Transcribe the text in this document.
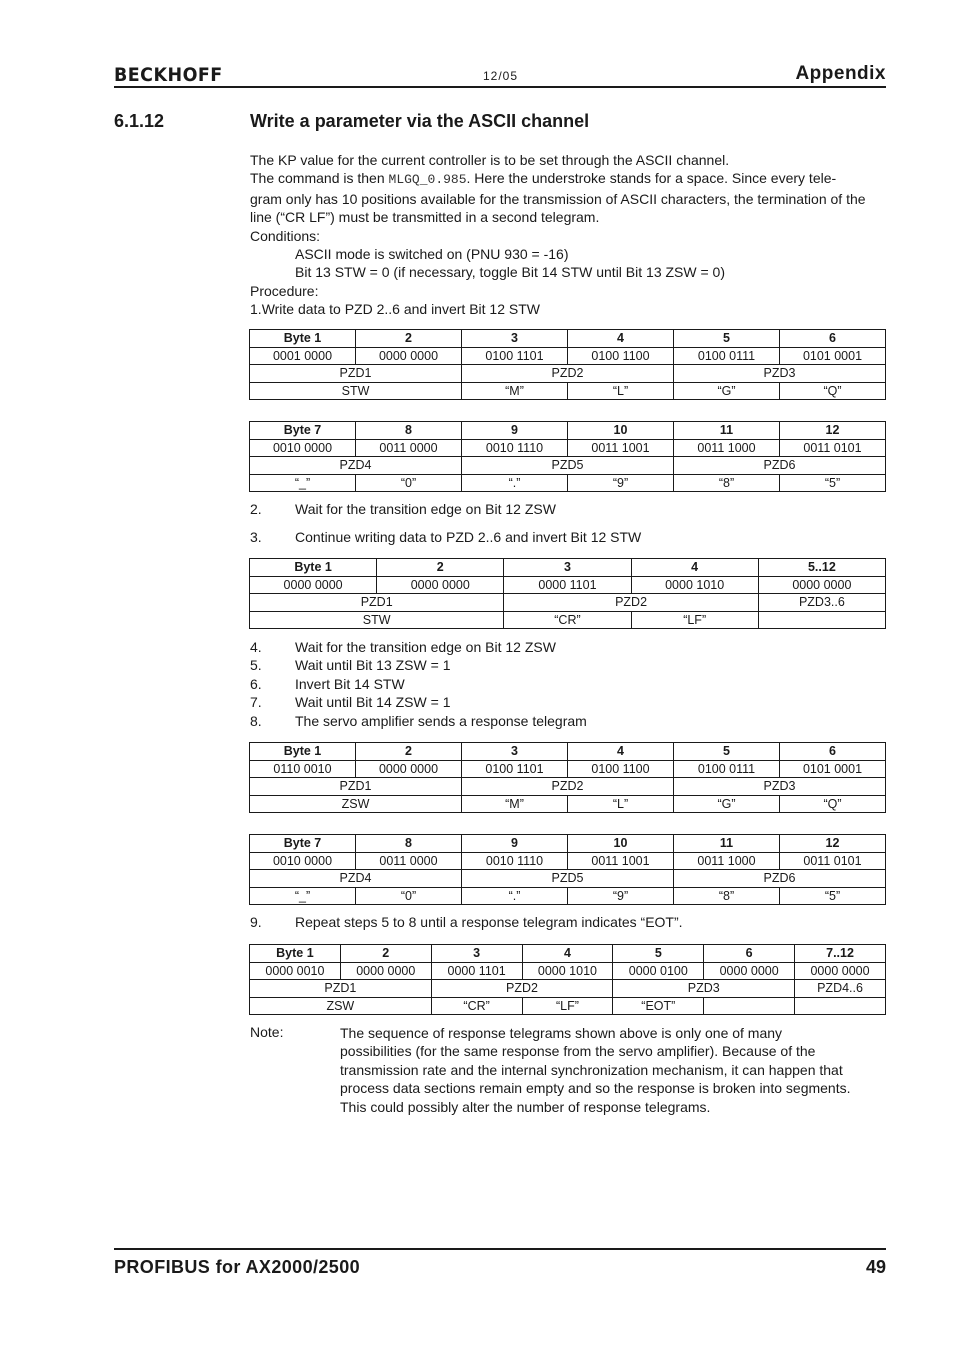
BECKHOFF	12/05	Appendix
6.1.12	Write a parameter via the ASCII channel
The KP value for the current controller is to be set through the ASCII channel.
The command is then MLGQ_0.985. Here the understroke stands for a space. Since every tele-
gram only has 10 positions available for the transmission of ASCII characters, the termination of the
line (“CR LF”) must be transmitted in a second telegram.
Conditions:
ASCII mode is switched on (PNU 930 = -16)
Bit 13 STW = 0 (if necessary, toggle Bit 14 STW until Bit 13 ZSW = 0)
Procedure:
1.Write data to PZD 2..6 and invert Bit 12 STW
Byte 1	2	3	4	5	6
0001 0000	0000 0000	0100 1101	0100 1100	0100 0111	0101 0001
PZD1		PZD2		PZD3	
STW		“M”	“L”	“G”	“Q”
Byte 7	8	9	10	11	12
0010 0000	0011 0000	0010 1110	0011 1001	0011 1000	0011 0101
PZD4		PZD5		PZD6	
“_”	“0”	“.”	“9”	“8”	“5”
2. Wait for the transition edge on Bit 12 ZSW
3. Continue writing data to PZD 2..6 and invert Bit 12 STW
Byte 1	2	3	4	5..12
0000 0000	0000 0000	0000 1101	0000 1010	0000 0000
PZD1		PZD2		PZD3..6
STW		“CR”	“LF”	
4. Wait for the transition edge on Bit 12 ZSW
5. Wait until Bit 13 ZSW = 1
6. Invert Bit 14 STW
7. Wait until Bit 14 ZSW = 1
8. The servo amplifier sends a response telegram
Byte 1	2	3	4	5	6
0110 0010	0000 0000	0100 1101	0100 1100	0100 0111	0101 0001
PZD1		PZD2		PZD3	
ZSW		“M”	“L”	“G”	“Q”
Byte 7	8	9	10	11	12
0010 0000	0011 0000	0010 1110	0011 1001	0011 1000	0011 0101
PZD4		PZD5		PZD6	
“_”	“0”	“.”	“9”	“8”	“5”
9. Repeat steps 5 to 8 until a response telegram indicates “EOT”.
Byte 1	2	3	4	5	6	7..12
0000 0010	0000 0000	0000 1101	0000 1010	0000 0100	0000 0000	0000 0000
PZD1		PZD2		PZD3		PZD4..6
ZSW		“CR”	“LF”	“EOT”		
Note:	The sequence of response telegrams shown above is only one of many
possibilities (for the same response from the servo amplifier). Because of the
transmission rate and the internal synchronization mechanism, it can happen that
process data sections remain empty and so the response is broken into segments.
This could possibly alter the number of response telegrams.
PROFIBUS for AX2000/2500	49
